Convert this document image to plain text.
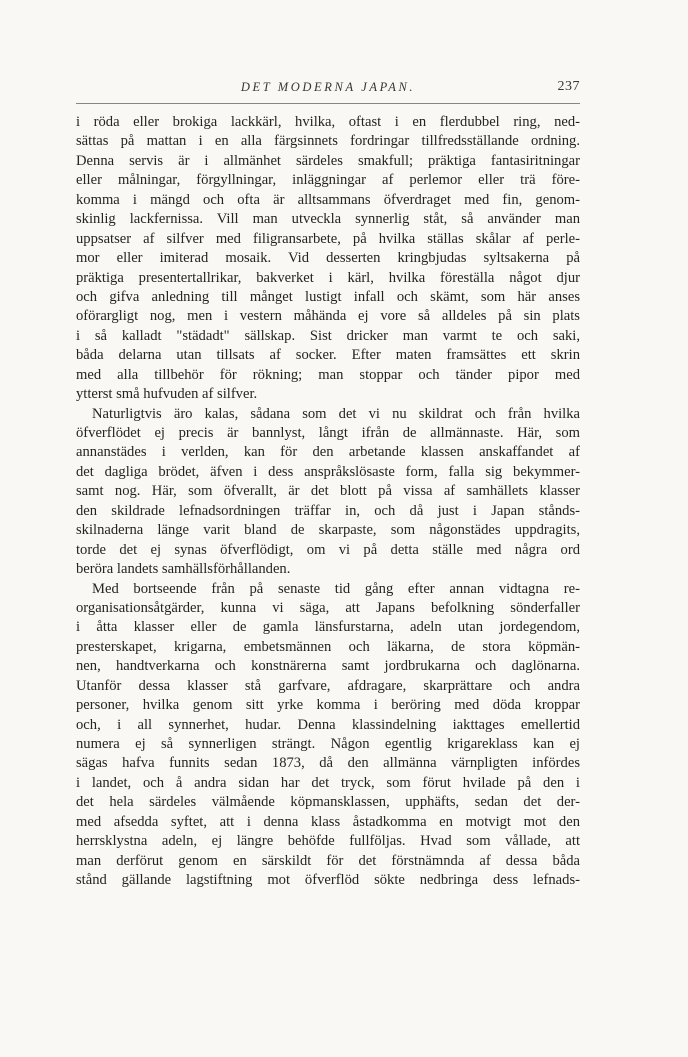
DET MODERNA JAPAN.	237
i röda eller brokiga lackkärl, hvilka, oftast i en flerdubbel ring, ned-
sättas på mattan i en alla färgsinnets fordringar tillfredsställande ordning.
Denna servis är i allmänhet särdeles smakfull; präktiga fantasiritningar
eller målningar, förgyllningar, inläggningar af perlemor eller trä före-
komma i mängd och ofta är alltsammans öfverdraget med fin, genom-
skinlig lackfernissa. Vill man utveckla synnerlig ståt, så använder man
uppsatser af silfver med filigransarbete, på hvilka ställas skålar af perle-
mor eller imiterad mosaik. Vid desserten kringbjudas syltsakerna på
präktiga presentertallrikar, bakverket i kärl, hvilka föreställa något djur
och gifva anledning till månget lustigt infall och skämt, som här anses
oförargligt nog, men i vestern måhända ej vore så alldeles på sin plats
i så kalladt "städadt" sällskap. Sist dricker man varmt te och saki,
båda delarna utan tillsats af socker. Efter maten framsättes ett skrin
med alla tillbehör för rökning; man stoppar och tänder pipor med
ytterst små hufvuden af silfver.
Naturligtvis äro kalas, sådana som det vi nu skildrat och från hvilka
öfverflödet ej precis är bannlyst, långt ifrån de allmännaste. Här, som
annanstädes i verlden, kan för den arbetande klassen anskaffandet af
det dagliga brödet, äfven i dess anspråkslösaste form, falla sig bekymmer-
samt nog. Här, som öfverallt, är det blott på vissa af samhällets klasser
den skildrade lefnadsordningen träffar in, och då just i Japan stånds-
skilnaderna länge varit bland de skarpaste, som någonstädes uppdragits,
torde det ej synas öfverflödigt, om vi på detta ställe med några ord
beröra landets samhällsförhållanden.
Med bortseende från på senaste tid gång efter annan vidtagna re-
organisationsåtgärder, kunna vi säga, att Japans befolkning sönderfaller
i åtta klasser eller de gamla länsfurstarna, adeln utan jordegendom,
presterskapet, krigarna, embetsmännen och läkarna, de stora köpmän-
nen, handtverkarna och konstnärerna samt jordbrukarna och daglönarna.
Utanför dessa klasser stå garfvare, afdragare, skarprättare och andra
personer, hvilka genom sitt yrke komma i beröring med döda kroppar
och, i all synnerhet, hudar. Denna klassindelning iakttages emellertid
numera ej så synnerligen strängt. Någon egentlig krigareklass kan ej
sägas hafva funnits sedan 1873, då den allmänna värnpligten infördes
i landet, och å andra sidan har det tryck, som förut hvilade på den i
det hela särdeles välmående köpmansklassen, upphäfts, sedan det der-
med afsedda syftet, att i denna klass åstadkomma en motvigt mot den
herrsklystna adeln, ej längre behöfde fullföljas. Hvad som vållade, att
man derförut genom en särskildt för det förstnämnda af dessa båda
stånd gällande lagstiftning mot öfverflöd sökte nedbringa dess lefnads-
